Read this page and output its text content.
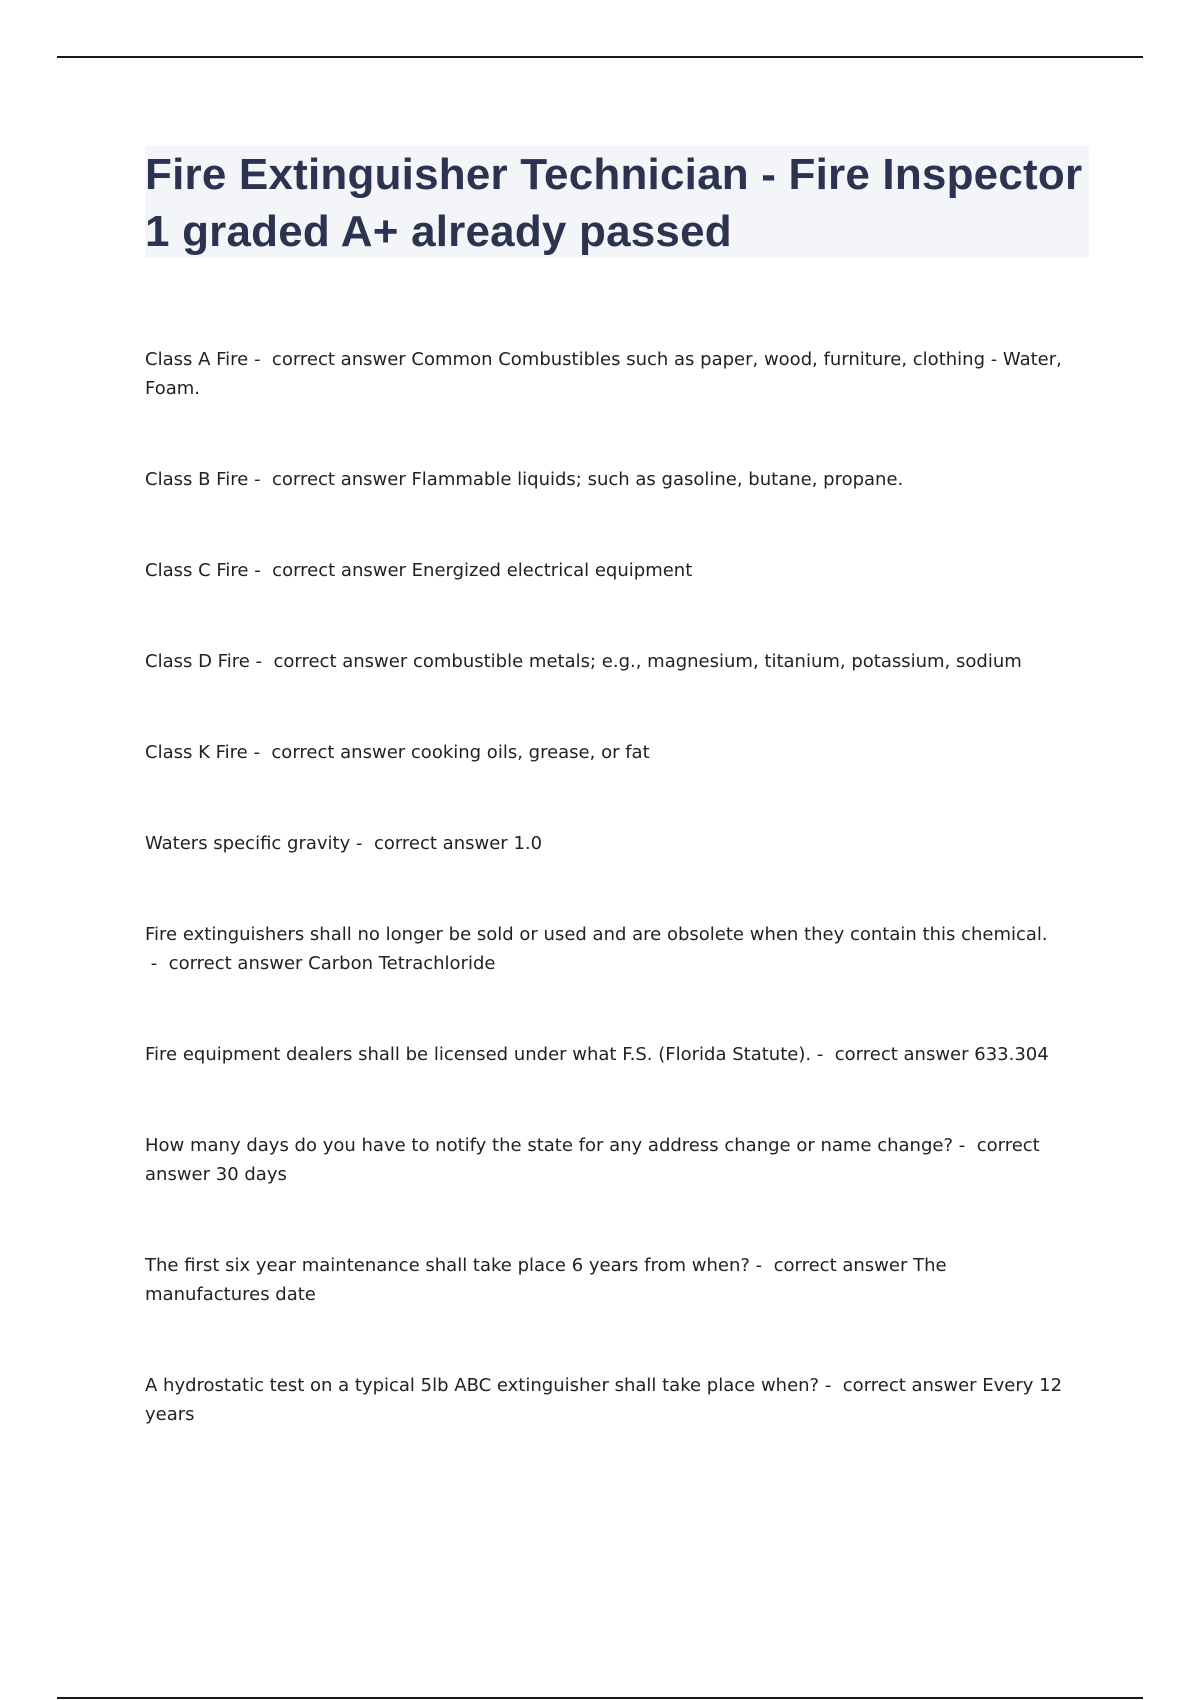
Fire Extinguisher Technician - Fire Inspector 1 graded A+ already passed
Class A Fire -  correct answer Common Combustibles such as paper, wood, furniture, clothing - Water, Foam.
Class B Fire -  correct answer Flammable liquids; such as gasoline, butane, propane.
Class C Fire -  correct answer Energized electrical equipment
Class D Fire -  correct answer combustible metals; e.g., magnesium, titanium, potassium, sodium
Class K Fire -  correct answer cooking oils, grease, or fat
Waters specific gravity -  correct answer 1.0
Fire extinguishers shall no longer be sold or used and are obsolete when they contain this chemical. -  correct answer Carbon Tetrachloride
Fire equipment dealers shall be licensed under what F.S. (Florida Statute). -  correct answer 633.304
How many days do you have to notify the state for any address change or name change? -  correct answer 30 days
The first six year maintenance shall take place 6 years from when? -  correct answer The manufactures date
A hydrostatic test on a typical 5lb ABC extinguisher shall take place when? -  correct answer Every 12 years
